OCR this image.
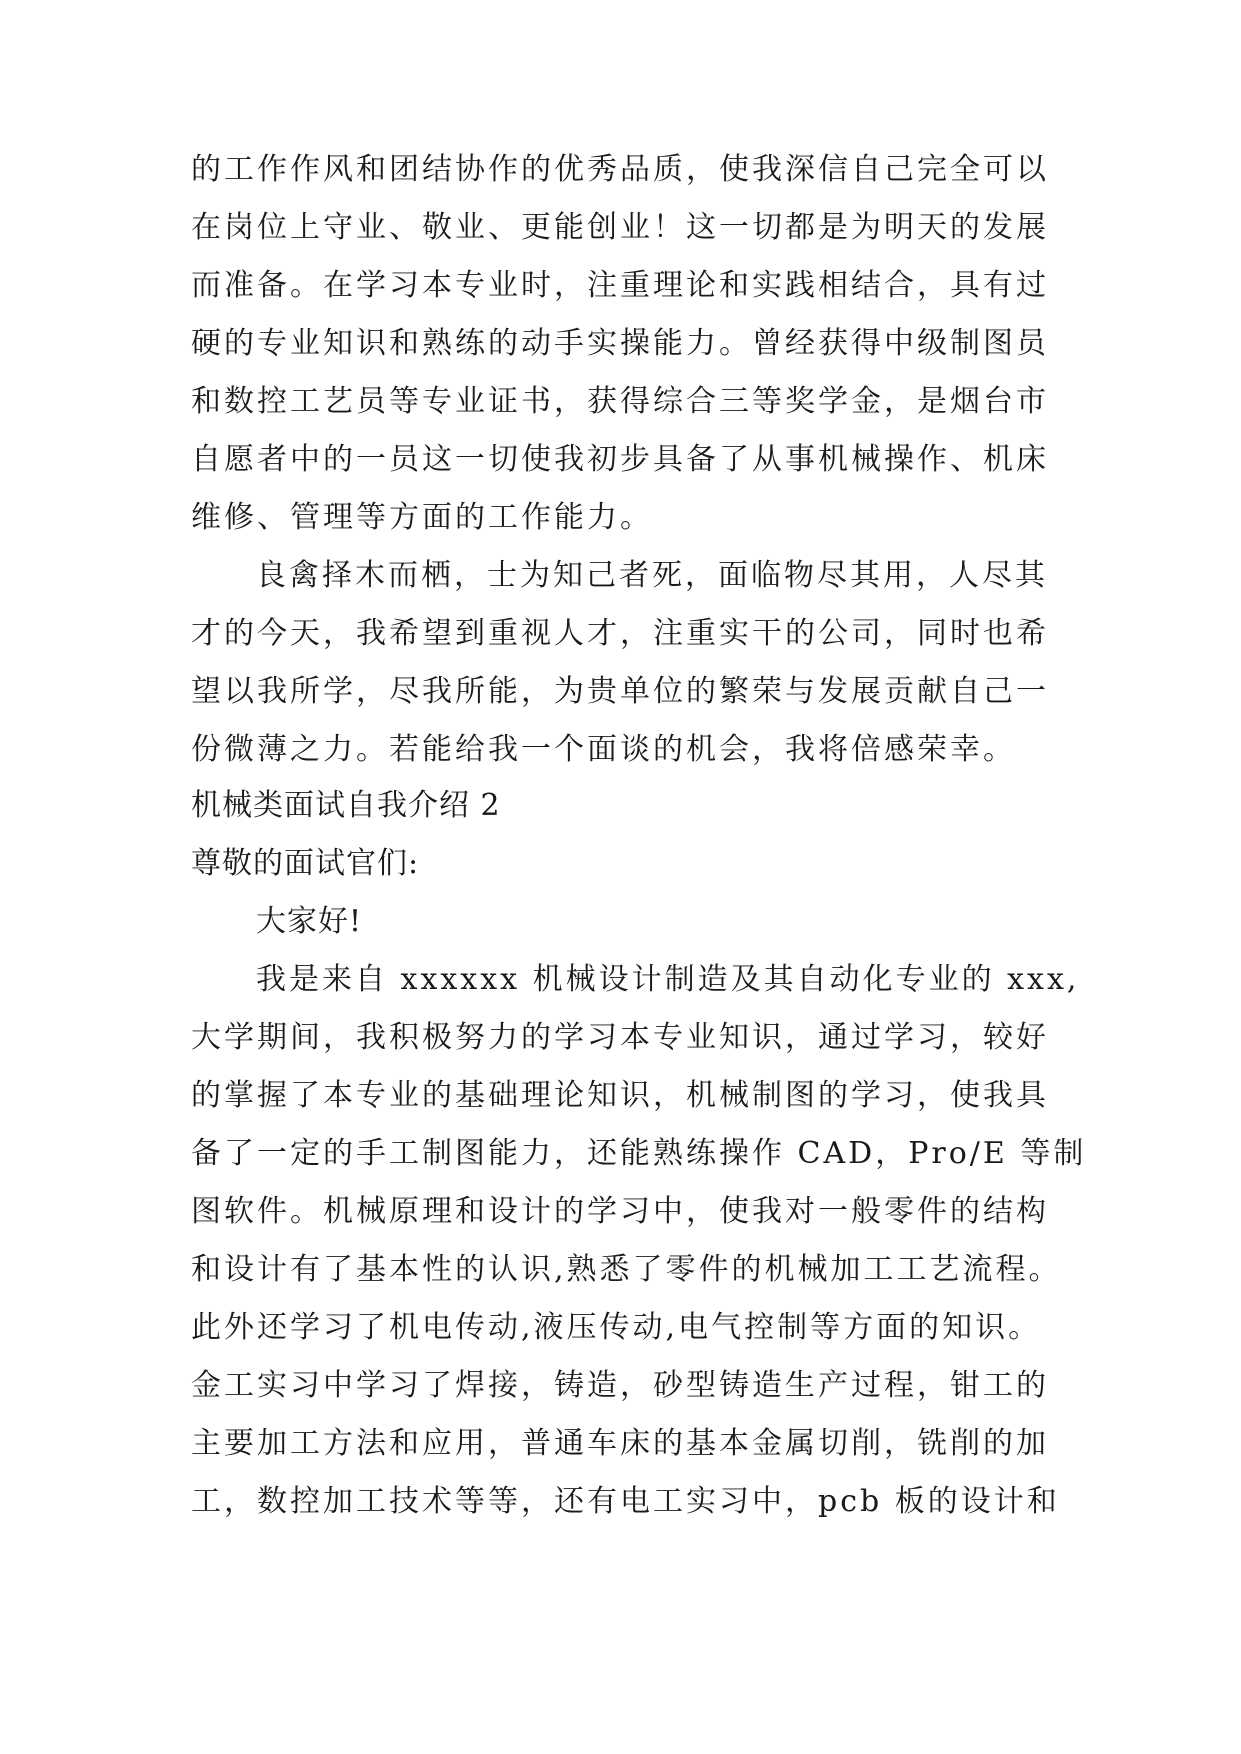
的工作作风和团结协作的优秀品质，使我深信自己完全可以
在岗位上守业、敬业、更能创业！这一切都是为明天的发展
而准备。在学习本专业时，注重理论和实践相结合，具有过
硬的专业知识和熟练的动手实操能力。曾经获得中级制图员
和数控工艺员等专业证书，获得综合三等奖学金，是烟台市
自愿者中的一员这一切使我初步具备了从事机械操作、机床
维修、管理等方面的工作能力。
良禽择木而栖，士为知己者死，面临物尽其用，人尽其
才的今天，我希望到重视人才，注重实干的公司，同时也希
望以我所学，尽我所能，为贵单位的繁荣与发展贡献自己一
份微薄之力。若能给我一个面谈的机会，我将倍感荣幸。
机械类面试自我介绍 2
尊敬的面试官们:
大家好!
我是来自 xxxxxx 机械设计制造及其自动化专业的 xxx,
大学期间，我积极努力的学习本专业知识，通过学习，较好
的掌握了本专业的基础理论知识，机械制图的学习，使我具
备了一定的手工制图能力，还能熟练操作 CAD，Pro/E 等制
图软件。机械原理和设计的学习中，使我对一般零件的结构
和设计有了基本性的认识,熟悉了零件的机械加工工艺流程。
此外还学习了机电传动,液压传动,电气控制等方面的知识。
金工实习中学习了焊接，铸造，砂型铸造生产过程，钳工的
主要加工方法和应用，普通车床的基本金属切削，铣削的加
工，数控加工技术等等，还有电工实习中，pcb 板的设计和
